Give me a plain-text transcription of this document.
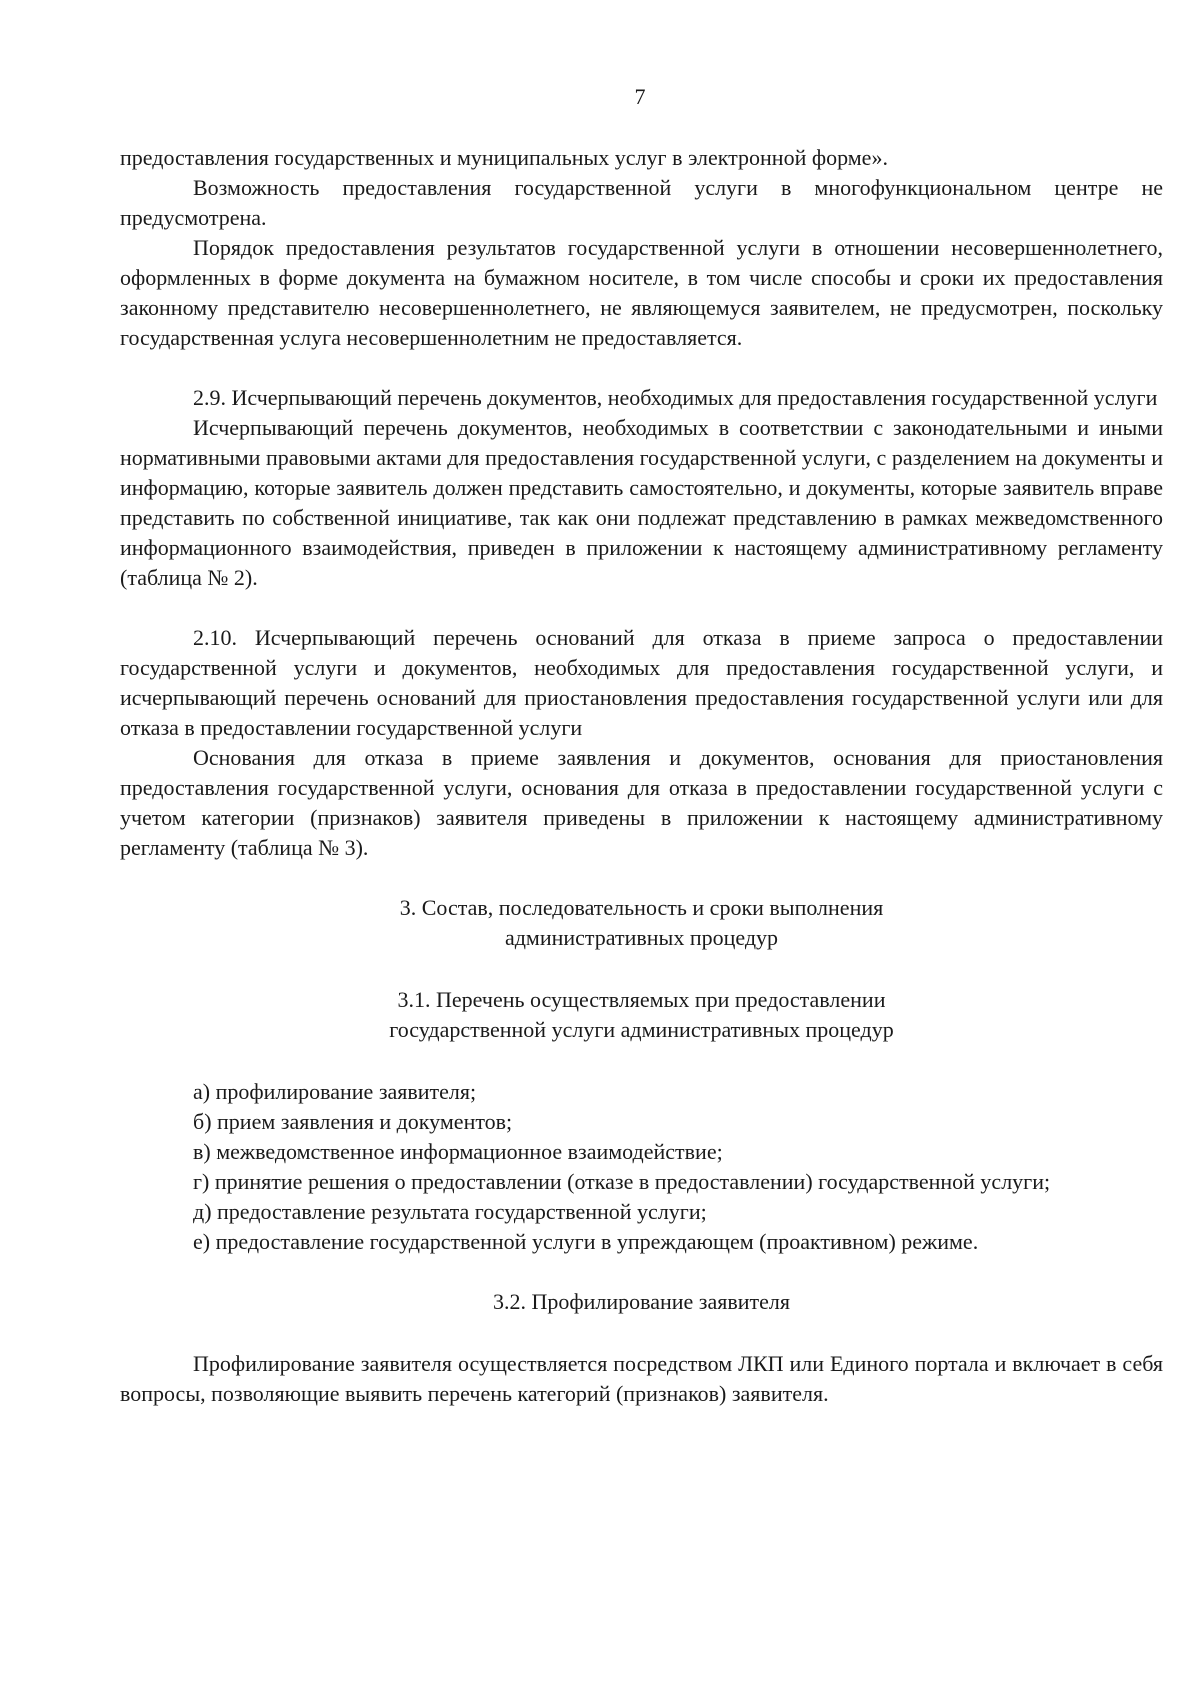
7

предоставления государственных и муниципальных услуг в электронной форме».

Возможность предоставления государственной услуги в многофункциональном центре не предусмотрена.

Порядок предоставления результатов государственной услуги в отношении несовершеннолетнего, оформленных в форме документа на бумажном носителе, в том числе способы и сроки их предоставления законному представителю несовершеннолетнего, не являющемуся заявителем, не предусмотрен, поскольку государственная услуга несовершеннолетним не предоставляется.

2.9. Исчерпывающий перечень документов, необходимых для предоставления государственной услуги

Исчерпывающий перечень документов, необходимых в соответствии с законодательными и иными нормативными правовыми актами для предоставления государственной услуги, с разделением на документы и информацию, которые заявитель должен представить самостоятельно, и документы, которые заявитель вправе представить по собственной инициативе, так как они подлежат представлению в рамках межведомственного информационного взаимодействия, приведен в приложении к настоящему административному регламенту (таблица № 2).

2.10. Исчерпывающий перечень оснований для отказа в приеме запроса о предоставлении государственной услуги и документов, необходимых для предоставления государственной услуги, и исчерпывающий перечень оснований для приостановления предоставления государственной услуги или для отказа в предоставлении государственной услуги

Основания для отказа в приеме заявления и документов, основания для приостановления предоставления государственной услуги, основания для отказа в предоставлении государственной услуги с учетом категории (признаков) заявителя приведены в приложении к настоящему административному регламенту (таблица № 3).

3. Состав, последовательность и сроки выполнения
административных процедур
3.1. Перечень осуществляемых при предоставлении
государственной услуги административных процедур

а) профилирование заявителя;

б) прием заявления и документов;

в) межведомственное информационное взаимодействие;

г) принятие решения о предоставлении (отказе в предоставлении) государственной услуги;

д) предоставление результата государственной услуги;

е) предоставление государственной услуги в упреждающем (проактивном) режиме.

3.2. Профилирование заявителя

Профилирование заявителя осуществляется посредством ЛКП или Единого портала и включает в себя вопросы, позволяющие выявить перечень категорий (признаков) заявителя.
